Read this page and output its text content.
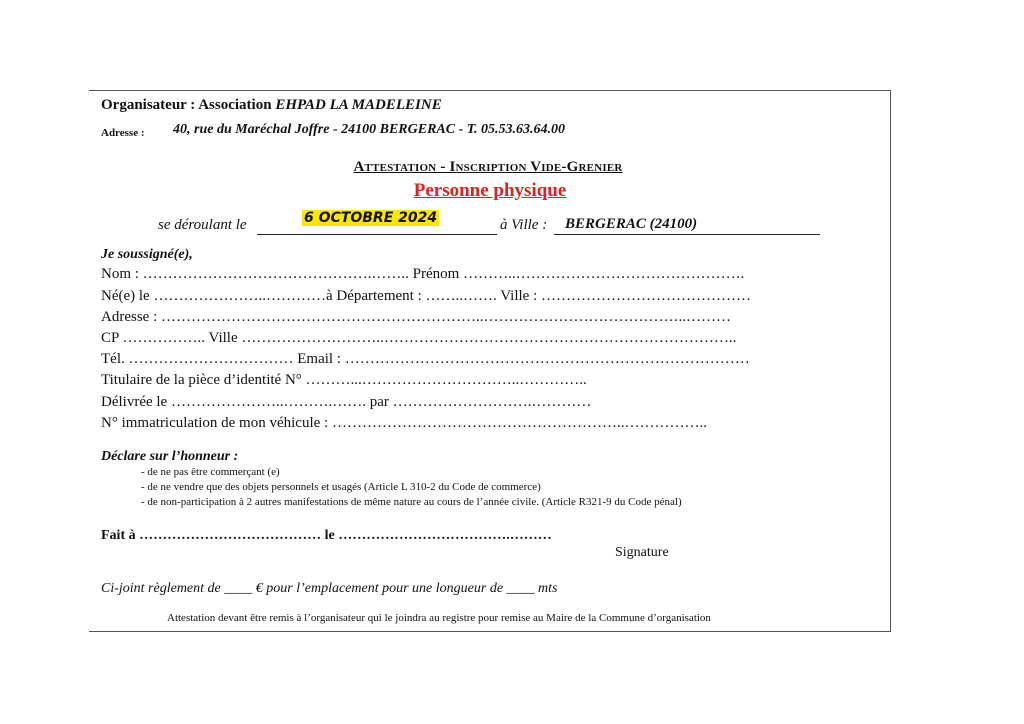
Organisateur : Association EHPAD LA MADELEINE
Adresse : 40, rue du Maréchal Joffre - 24100 BERGERAC - T. 05.53.63.64.00
Attestation - Inscription Vide-Grenier
Personne physique
se déroulant le	6 OCTOBRE 2024	à Ville : BERGERAC (24100)
Je soussigné(e),
Nom : ……………………………………….…….. Prénom ………..……………………………………….
Né(e) le …………………..…………à Département : ……..……. Ville : ……………………………………
Adresse : ………………………………………………………..…………………………………..………
CP …………….. Ville ………………………..……………………………………………………………..
Tél. …………………………… Email : ………………………………………………………………………
Titulaire de la pièce d’identité N° ………...…………………………..…………..
Délivrée le …………………..……….……. par ……………………….…………
N° immatriculation de mon véhicule : …………………………………………………..……………..
Déclare sur l’honneur :
- de ne pas être commerçant (e)
- de ne vendre que des objets personnels et usagés (Article L 310-2 du Code de commerce)
- de non-participation à 2 autres manifestations de même nature au cours de l’année civile. (Article R321-9 du Code pénal)
Fait à ………………………………… le ……………………………….………
Signature
Ci-joint règlement de ____ € pour l’emplacement pour une longueur de ____ mts
Attestation devant être remis à l’organisateur qui le joindra au registre pour remise au Maire de la Commune d’organisation
